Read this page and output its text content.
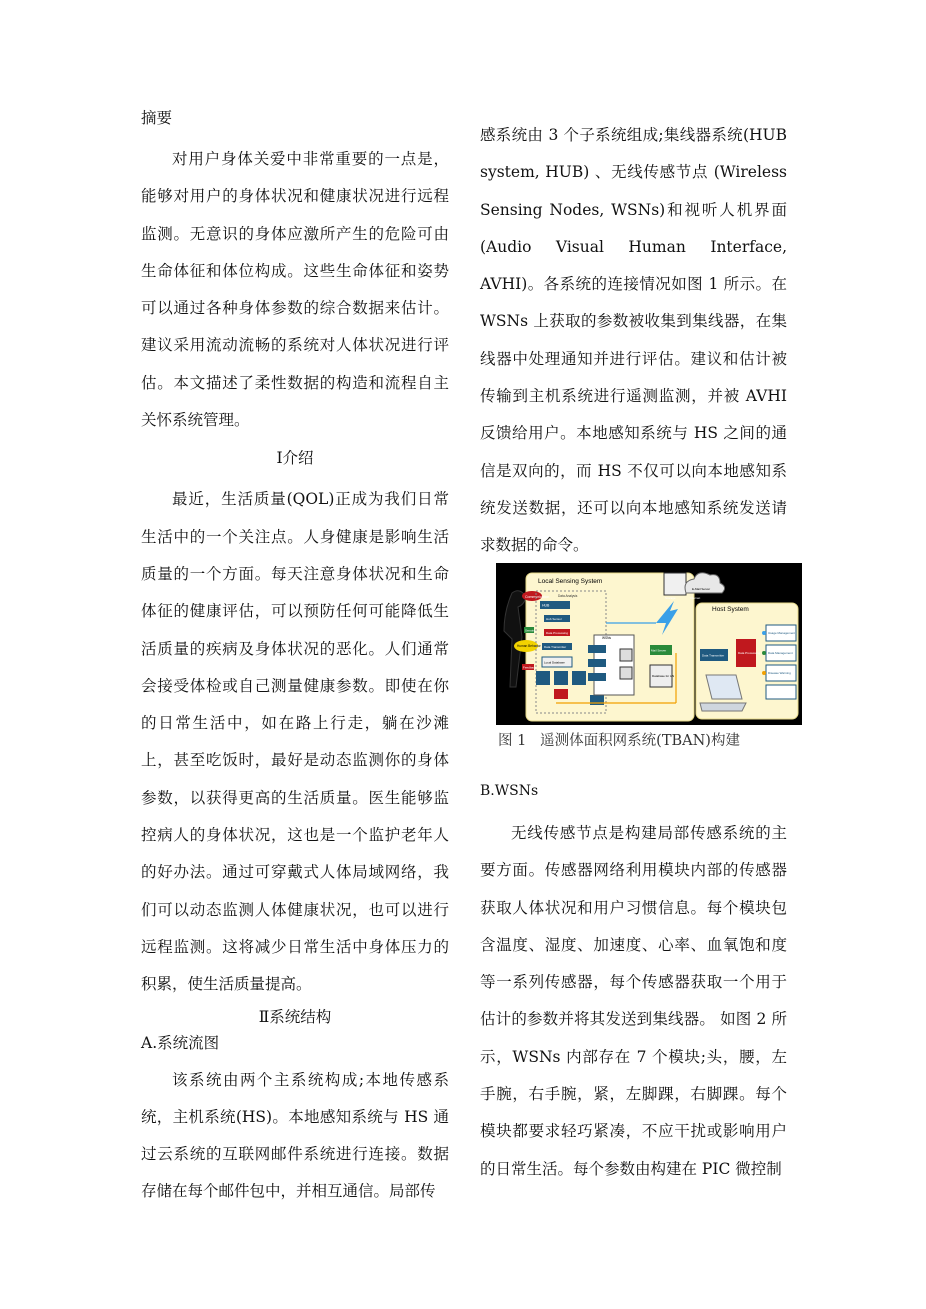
摘要

对用户身体关爱中非常重要的一点是，能够对用户的身体状况和健康状况进行远程监测。无意识的身体应激所产生的危险可由生命体征和体位构成。这些生命体征和姿势可以通过各种身体参数的综合数据来估计。建议采用流动流畅的系统对人体状况进行评估。本文描述了柔性数据的构造和流程自主关怀系统管理。

Ⅰ介绍

最近，生活质量(QOL)正成为我们日常生活中的一个关注点。人身健康是影响生活质量的一个方面。每天注意身体状况和生命体征的健康评估，可以预防任何可能降低生活质量的疾病及身体状况的恶化。人们通常会接受体检或自己测量健康参数。即使在你的日常生活中，如在路上行走，躺在沙滩上，甚至吃饭时，最好是动态监测你的身体参数，以获得更高的生活质量。医生能够监控病人的身体状况，这也是一个监护老年人的好办法。通过可穿戴式人体局域网络，我们可以动态监测人体健康状况，也可以进行远程监测。这将减少日常生活中身体压力的积累，使生活质量提高。

Ⅱ系统结构

A.系统流图

该系统由两个主系统构成;本地传感系统，主机系统(HS)。本地感知系统与 HS 通过云系统的互联网邮件系统进行连接。数据存储在每个邮件包中，并相互通信。局部传

感系统由 3 个子系统组成;集线器系统(HUB system, HUB) 、无线传感节点 (Wireless Sensing Nodes, WSNs)和视听人机界面(Audio Visual Human Interface, AVHI)。各系统的连接情况如图 1 所示。在 WSNs 上获取的参数被收集到集线器，在集线器中处理通知并进行评估。建议和估计被传输到主机系统进行遥测监测，并被 AVHI 反馈给用户。本地感知系统与 HS 之间的通信是双向的，而 HS 不仅可以向本地感知系统发送数据，还可以向本地感知系统发送请求数据的命令。

Local Sensing System
Communication
Sensing
Human Behavior
Feedback
Data Analysis
HUB
Hub Sensor
Data Processing
Data Transmitter
Local Database
WSNs
Mail Server
Database for HS
Storage
E-Mail Server
Internet
Host System
Data Transmitter
Data Processing
Usage Management
Data Management
Disease Warning
图 1   遥测体面积网系统(TBAN)构建

B.WSNs

无线传感节点是构建局部传感系统的主要方面。传感器网络利用模块内部的传感器获取人体状况和用户习惯信息。每个模块包含温度、湿度、加速度、心率、血氧饱和度等一系列传感器，每个传感器获取一个用于估计的参数并将其发送到集线器。 如图 2 所示，WSNs 内部存在 7 个模块;头，腰，左手腕，右手腕，紧，左脚踝，右脚踝。每个模块都要求轻巧紧凑，不应干扰或影响用户的日常生活。每个参数由构建在 PIC 微控制
